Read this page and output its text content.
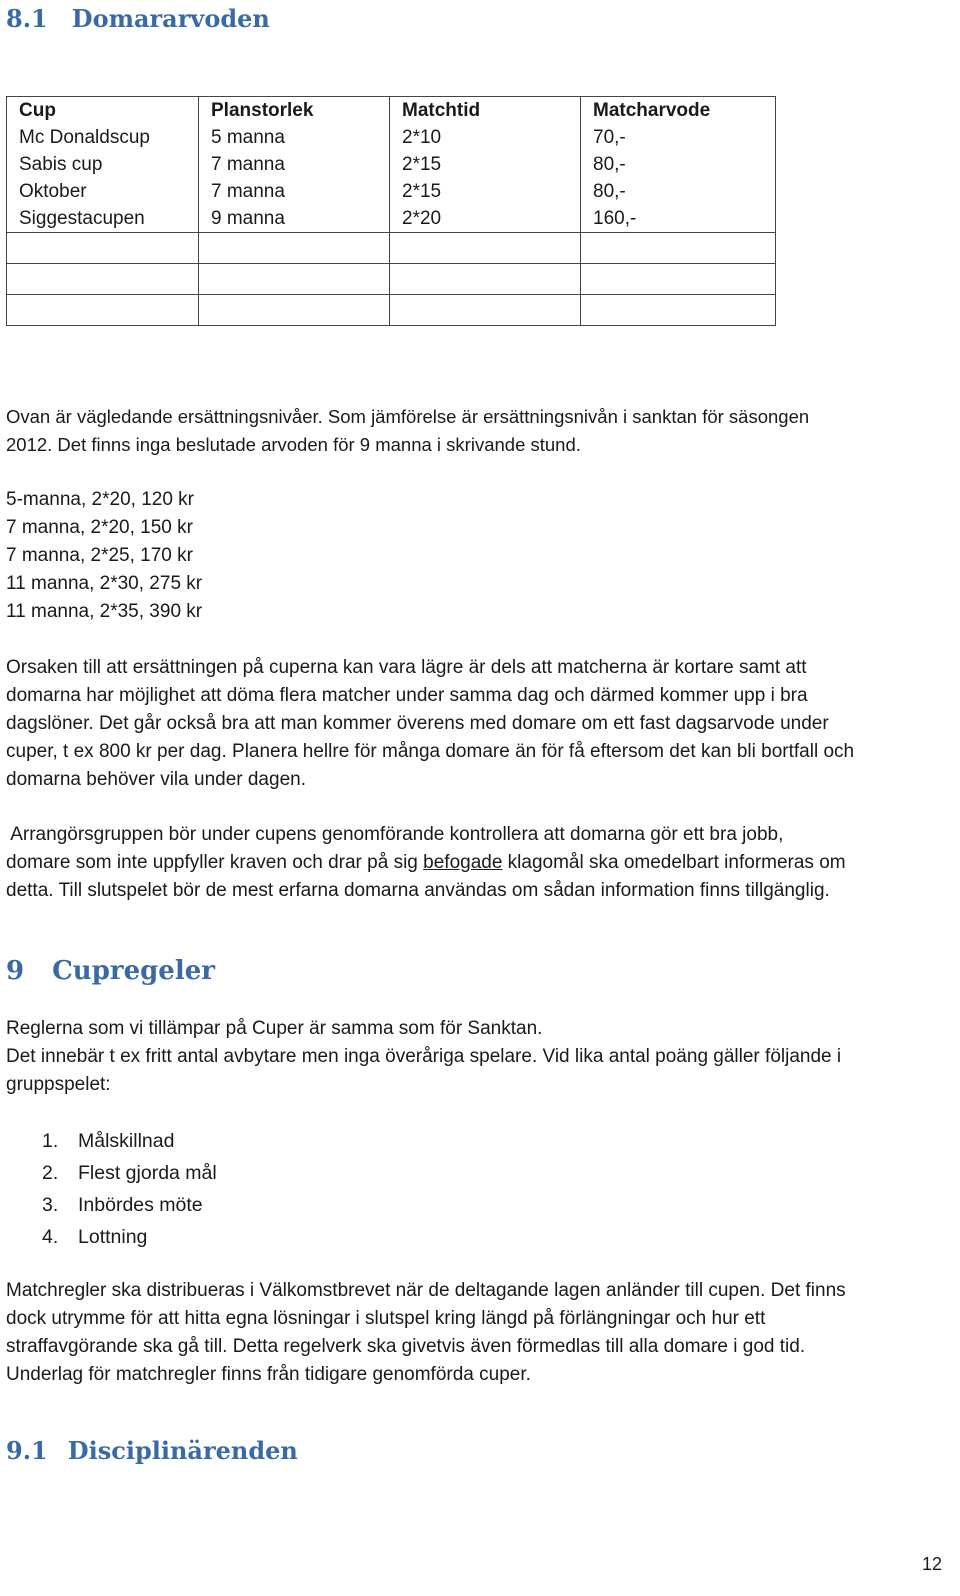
8.1 Domararvoden
Cup	Planstorlek	Matchtid	Matcharvode
Mc Donaldscup	5 manna	2*10	70,-
Sabis cup	7 manna	2*15	80,-
Oktober	7 manna	2*15	80,-
Siggestacupen	9 manna	2*20	160,-

Ovan är vägledande ersättningsnivåer. Som jämförelse är ersättningsnivån i sanktan för säsongen
2012. Det finns inga beslutade arvoden för 9 manna i skrivande stund.

5-manna, 2*20, 120 kr
7 manna, 2*20, 150 kr
7 manna, 2*25, 170 kr
11 manna, 2*30, 275 kr
11 manna, 2*35, 390 kr

Orsaken till att ersättningen på cuperna kan vara lägre är dels att matcherna är kortare samt att
domarna har möjlighet att döma flera matcher under samma dag och därmed kommer upp i bra
dagslöner. Det går också bra att man kommer överens med domare om ett fast dagsarvode under
cuper, t ex 800 kr per dag. Planera hellre för många domare än för få eftersom det kan bli bortfall och
domarna behöver vila under dagen.

Arrangörsgruppen bör under cupens genomförande kontrollera att domarna gör ett bra jobb,
domare som inte uppfyller kraven och drar på sig befogade klagomål ska omedelbart informeras om
detta. Till slutspelet bör de mest erfarna domarna användas om sådan information finns tillgänglig.

9 Cupregeler

Reglerna som vi tillämpar på Cuper är samma som för Sanktan.
Det innebär t ex fritt antal avbytare men inga överåriga spelare. Vid lika antal poäng gäller följande i
gruppspelet:

1. Målskillnad
2. Flest gjorda mål
3. Inbördes möte
4. Lottning

Matchregler ska distribueras i Välkomstbrevet när de deltagande lagen anländer till cupen. Det finns
dock utrymme för att hitta egna lösningar i slutspel kring längd på förlängningar och hur ett
straffavgörande ska gå till. Detta regelverk ska givetvis även förmedlas till alla domare i god tid.
Underlag för matchregler finns från tidigare genomförda cuper.

9.1 Disciplinärenden
12
